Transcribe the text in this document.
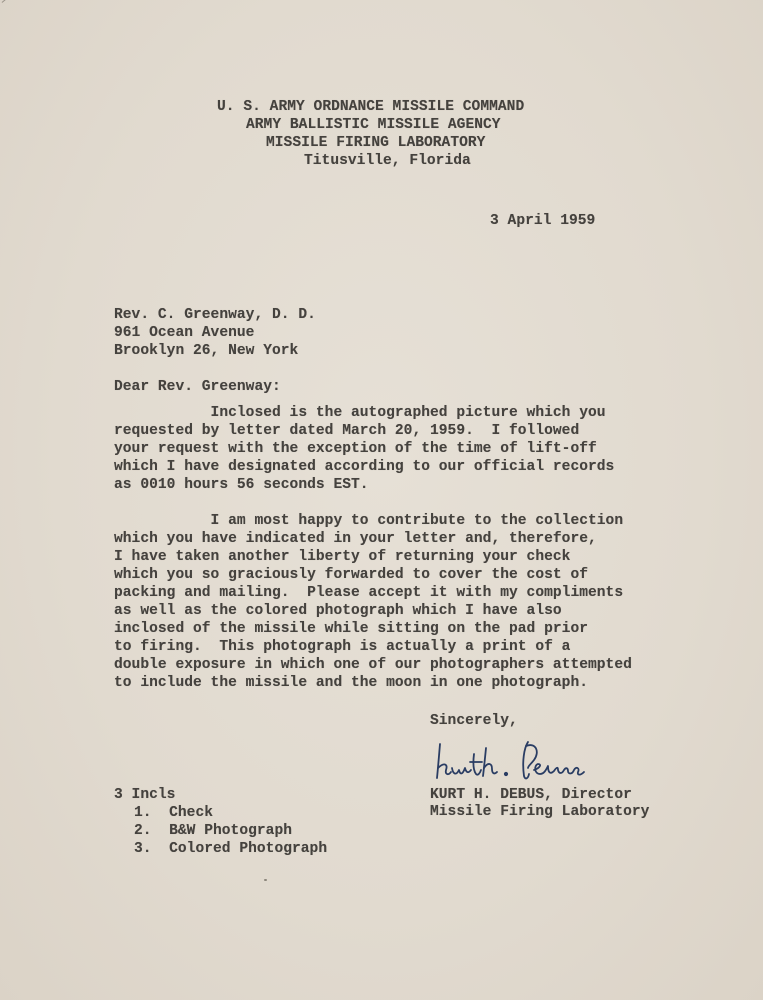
U. S. ARMY ORDNANCE MISSILE COMMAND
ARMY BALLISTIC MISSILE AGENCY
MISSILE FIRING LABORATORY
Titusville, Florida
3 April 1959
Rev. C. Greenway, D. D.
961 Ocean Avenue
Brooklyn 26, New York
Dear Rev. Greenway:
Inclosed is the autographed picture which you
requested by letter dated March 20, 1959.  I followed
your request with the exception of the time of lift-off
which I have designated according to our official records
as 0010 hours 56 seconds EST.
I am most happy to contribute to the collection
which you have indicated in your letter and, therefore,
I have taken another liberty of returning your check
which you so graciously forwarded to cover the cost of
packing and mailing.  Please accept it with my compliments
as well as the colored photograph which I have also
inclosed of the missile while sitting on the pad prior
to firing.  This photograph is actually a print of a
double exposure in which one of our photographers attempted
to include the missile and the moon in one photograph.
Sincerely,
KURT H. DEBUS, Director
Missile Firing Laboratory
3 Incls
1.  Check
2.  B&W Photograph
3.  Colored Photograph
